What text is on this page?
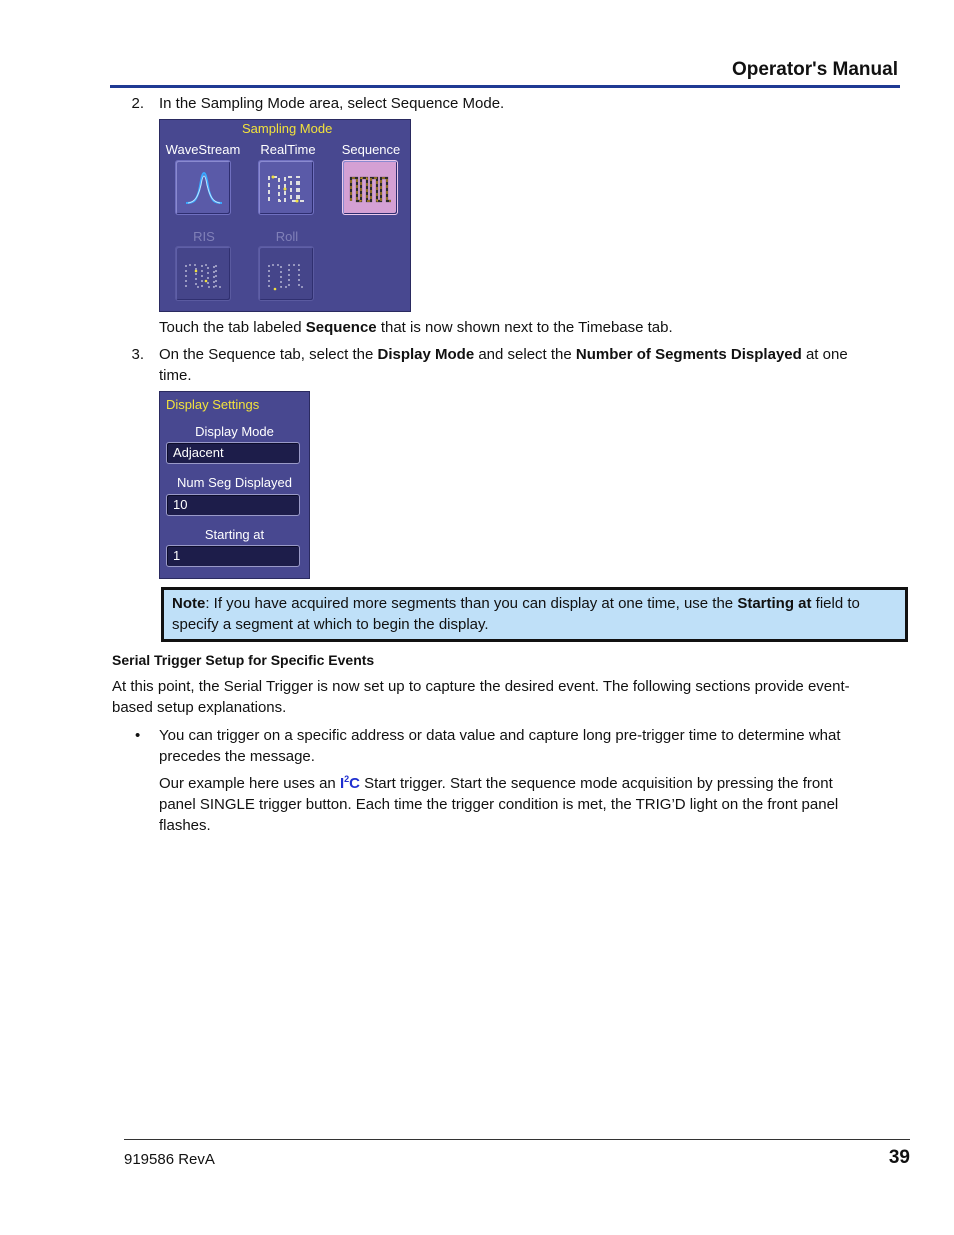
Operator's Manual
2. In the Sampling Mode area, select Sequence Mode.
Sampling Mode
WaveStream	RealTime	Sequence
RIS	Roll
Touch the tab labeled Sequence that is now shown next to the Timebase tab.
3. On the Sequence tab, select the Display Mode and select the Number of Segments Displayed at one
time.
Display Settings
Display Mode
Adjacent
Num Seg Displayed
10
Starting at
1
Note: If you have acquired more segments than you can display at one time, use the Starting at field to
specify a segment at which to begin the display.
Serial Trigger Setup for Specific Events
At this point, the Serial Trigger is now set up to capture the desired event. The following sections provide event-
based setup explanations.
• You can trigger on a specific address or data value and capture long pre-trigger time to determine what
precedes the message.
Our example here uses an $I^2C$ Start trigger. Start the sequence mode acquisition by pressing the front
panel SINGLE trigger button. Each time the trigger condition is met, the TRIG’D light on the front panel
flashes.
919586 RevA	39
